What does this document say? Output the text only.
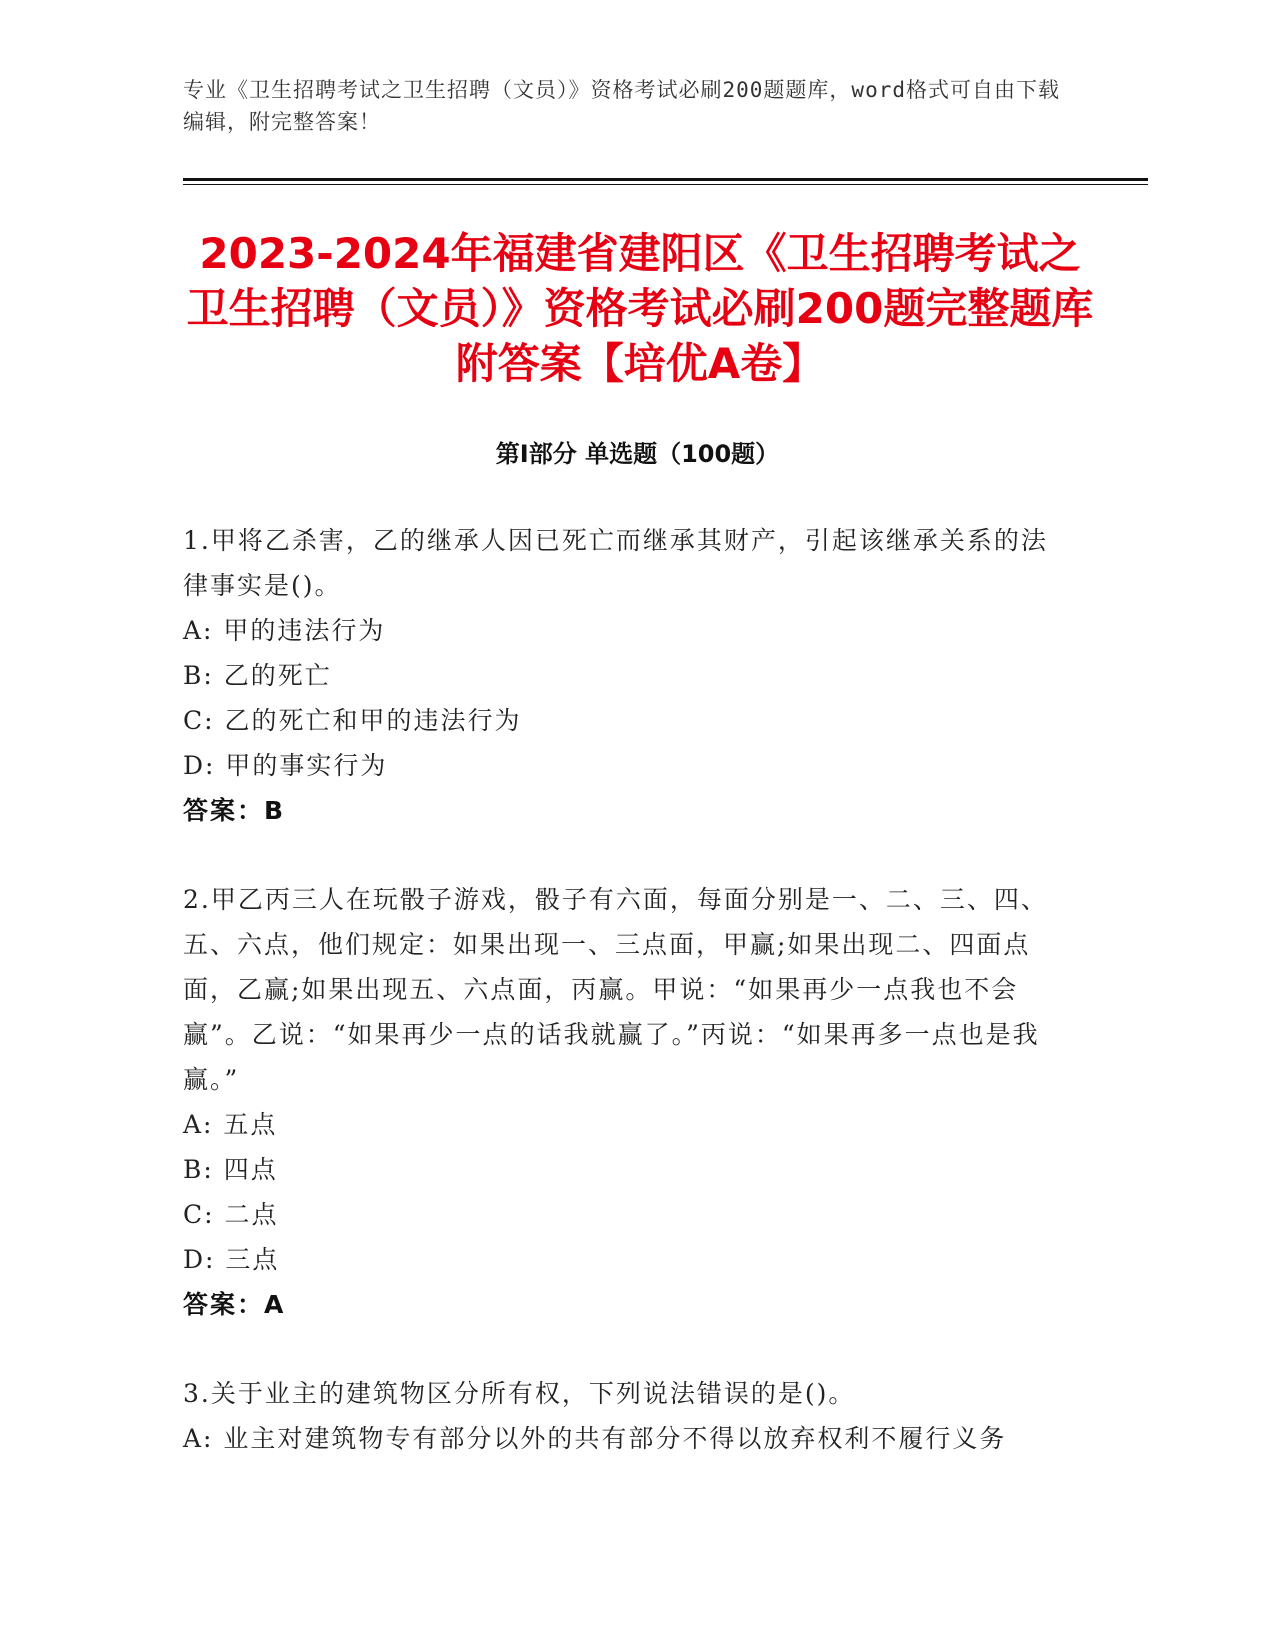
专业《卫生招聘考试之卫生招聘（文员）》资格考试必刷200题题库，word格式可自由下载编辑，附完整答案！
2023-2024年福建省建阳区《卫生招聘考试之卫生招聘（文员）》资格考试必刷200题完整题库附答案【培优A卷】
第Ⅰ部分 单选题（100题）

1.甲将乙杀害，乙的继承人因已死亡而继承其财产，引起该继承关系的法律事实是()。

A: 甲的违法行为

B: 乙的死亡

C: 乙的死亡和甲的违法行为

D: 甲的事实行为

答案：B

2.甲乙丙三人在玩骰子游戏，骰子有六面，每面分别是一、二、三、四、五、六点，他们规定：如果出现一、三点面，甲赢;如果出现二、四面点面，乙赢;如果出现五、六点面，丙赢。甲说：“如果再少一点我也不会赢”。乙说：“如果再少一点的话我就赢了。”丙说：“如果再多一点也是我赢。”

A: 五点

B: 四点

C: 二点

D: 三点

答案：A

3.关于业主的建筑物区分所有权，下列说法错误的是()。

A: 业主对建筑物专有部分以外的共有部分不得以放弃权利不履行义务
